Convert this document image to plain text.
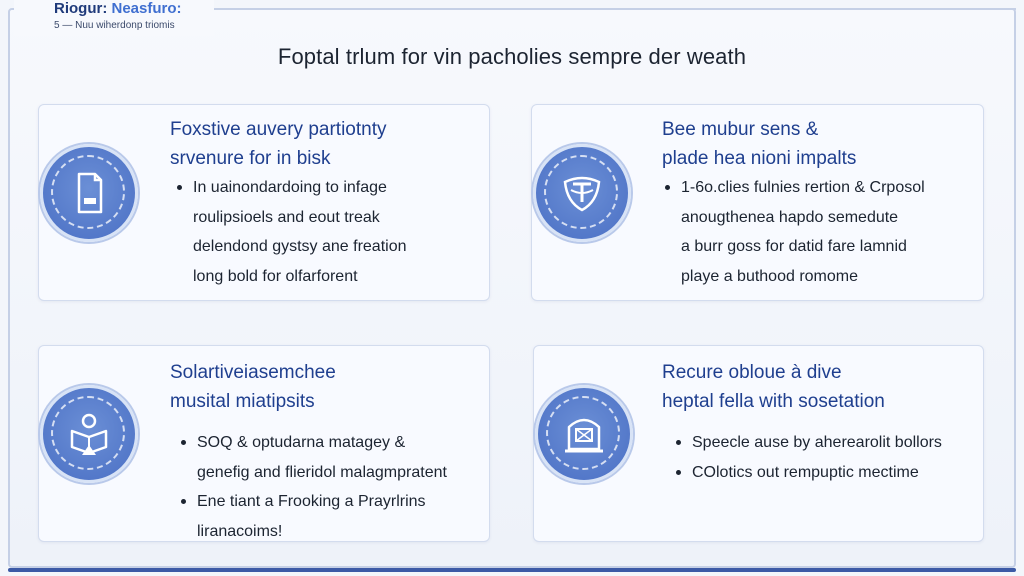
Riogur: Neasfuro:
5 — Nuu wiherdonp triomis
Foptal trlum for vin pacholies sempre der weath
Foxstive auvery partiotnty
srvenure for in bisk
In uainondardoing to infage
roulipsioels and eout treak
delendond gystsy ane freation
long bold for olfarforent
Bee mubur sens &
plade hea nioni impalts
1-6o.clies fulnies rertion & Crposol
anougthenea hapdo semedute
a burr goss for datid fare lamnid
playe a buthood romome
Solartiveiasemchee
musital miatipsits
SOQ & optudarna matagey &
genefig and flieridol malagmpratent
Ene tiant a Frooking a Prayrlrins
liranacoims!
Recure obloue à dive
heptal fella with sosetation
Speecle ause by aherearolit bollors
COlotics out rempuptic mectime
